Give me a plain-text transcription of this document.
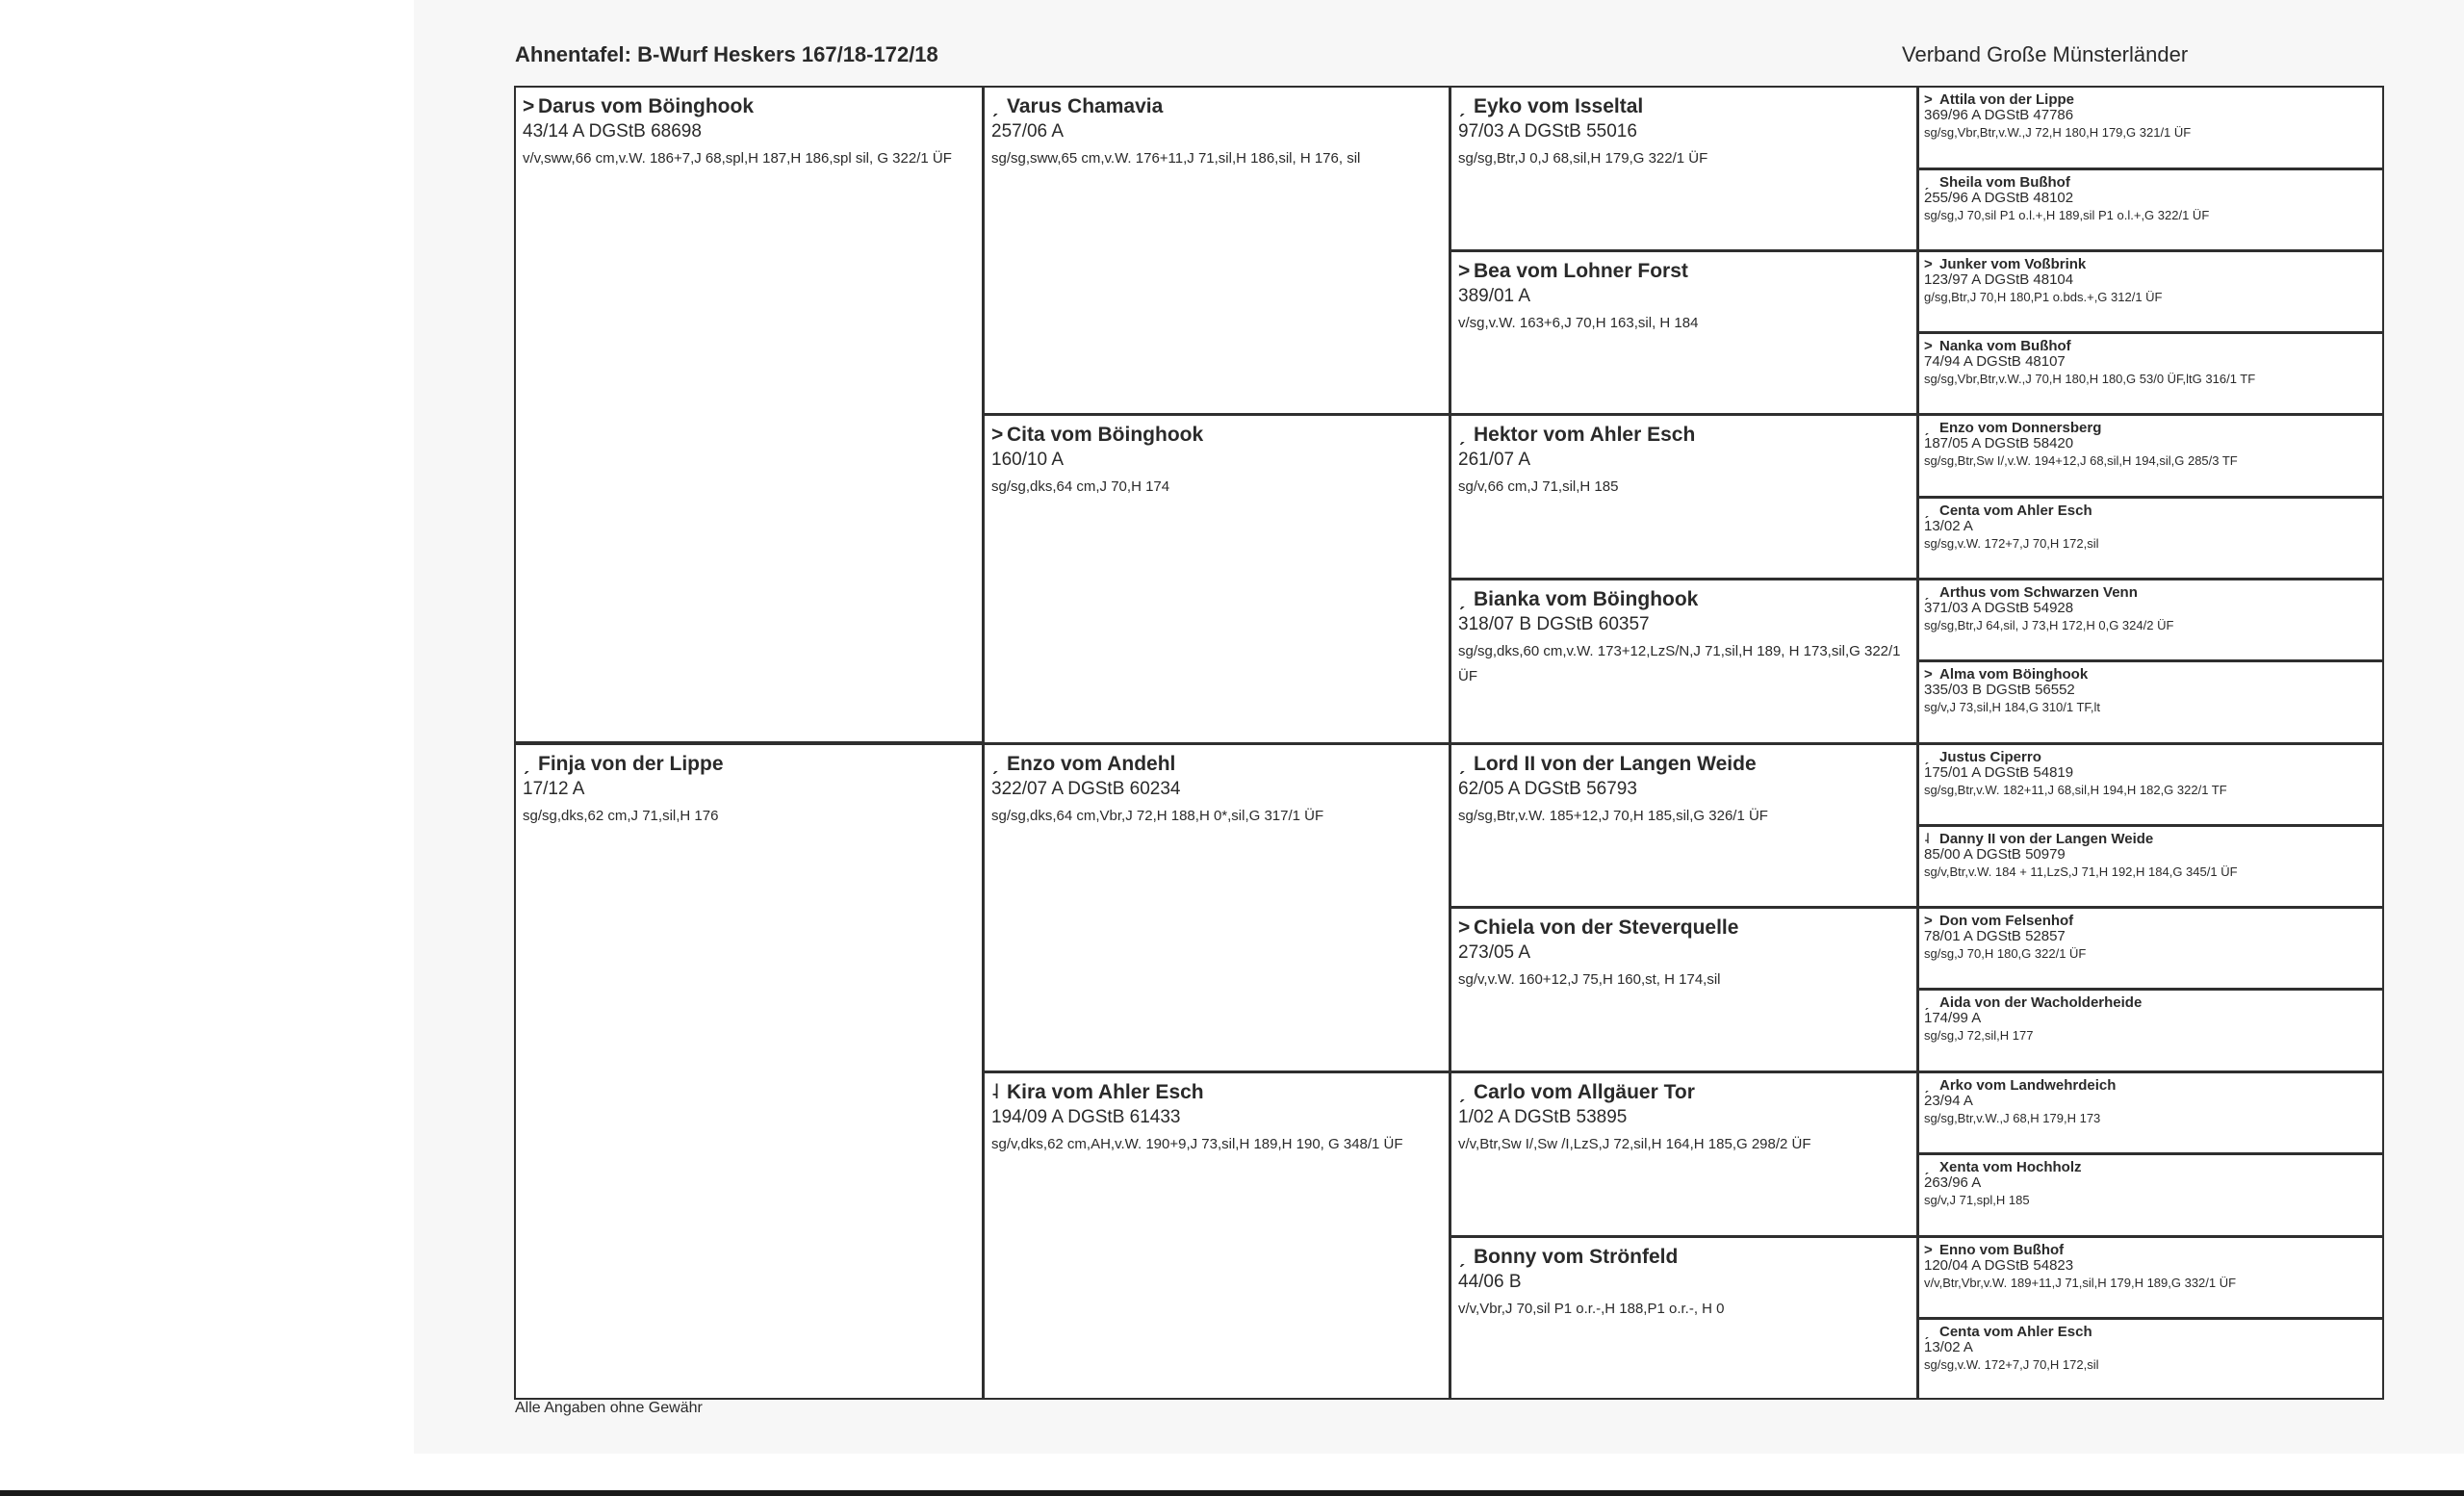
Ahnentafel: B-Wurf Heskers 167/18-172/18	Verband Große Münsterländer
˃ Darus vom Böinghook
43/14 A DGStB 68698
v/v,sww,66 cm,v.W. 186+7,J 68,spl,H 187,H 186,spl sil, G 322/1 ÜF
ˏ Finja von der Lippe
17/12 A
sg/sg,dks,62 cm,J 71,sil,H 176
ˏ Varus Chamavia
257/06 A
sg/sg,sww,65 cm,v.W. 176+11,J 71,sil,H 186,sil, H 176, sil
˃ Cita vom Böinghook
160/10 A
sg/sg,dks,64 cm,J 70,H 174
ˏ Enzo vom Andehl
322/07 A DGStB 60234
sg/sg,dks,64 cm,Vbr,J 72,H 188,H 0*,sil,G 317/1 ÜF
˨ Kira vom Ahler Esch
194/09 A DGStB 61433
sg/v,dks,62 cm,AH,v.W. 190+9,J 73,sil,H 189,H 190, G 348/1 ÜF
ˏ Eyko vom Isseltal
97/03 A DGStB 55016
sg/sg,Btr,J 0,J 68,sil,H 179,G 322/1 ÜF
˃ Bea vom Lohner Forst
389/01 A
v/sg,v.W. 163+6,J 70,H 163,sil, H 184
ˏ Hektor vom Ahler Esch
261/07 A
sg/v,66 cm,J 71,sil,H 185
ˏ Bianka vom Böinghook
318/07 B DGStB 60357
sg/sg,dks,60 cm,v.W. 173+12,LzS/N,J 71,sil,H 189, H 173,sil,G 322/1 ÜF
ˏ Lord II von der Langen Weide
62/05 A DGStB 56793
sg/sg,Btr,v.W. 185+12,J 70,H 185,sil,G 326/1 ÜF
˃ Chiela von der Steverquelle
273/05 A
sg/v,v.W. 160+12,J 75,H 160,st, H 174,sil
ˏ Carlo vom Allgäuer Tor
1/02 A DGStB 53895
v/v,Btr,Sw I/,Sw /I,LzS,J 72,sil,H 164,H 185,G 298/2 ÜF
ˏ Bonny vom Strönfeld
44/06 B
v/v,Vbr,J 70,sil P1 o.r.-,H 188,P1 o.r.-, H 0
˃ Attila von der Lippe
369/96 A DGStB 47786
sg/sg,Vbr,Btr,v.W.,J 72,H 180,H 179,G 321/1 ÜF
ˏ Sheila vom Bußhof
255/96 A DGStB 48102
sg/sg,J 70,sil P1 o.l.+,H 189,sil P1 o.l.+,G 322/1 ÜF
˃ Junker vom Voßbrink
123/97 A DGStB 48104
g/sg,Btr,J 70,H 180,P1 o.bds.+,G 312/1 ÜF
˃ Nanka vom Bußhof
74/94 A DGStB 48107
sg/sg,Vbr,Btr,v.W.,J 70,H 180,H 180,G 53/0 ÜF,ltG 316/1 TF
ˏ Enzo vom Donnersberg
187/05 A DGStB 58420
sg/sg,Btr,Sw I/,v.W. 194+12,J 68,sil,H 194,sil,G 285/3 TF
ˏ Centa vom Ahler Esch
13/02 A
sg/sg,v.W. 172+7,J 70,H 172,sil
ˏ Arthus vom Schwarzen Venn
371/03 A DGStB 54928
sg/sg,Btr,J 64,sil, J 73,H 172,H 0,G 324/2 ÜF
˃ Alma vom Böinghook
335/03 B DGStB 56552
sg/v,J 73,sil,H 184,G 310/1 TF,lt
ˏ Justus Ciperro
175/01 A DGStB 54819
sg/sg,Btr,v.W. 182+11,J 68,sil,H 194,H 182,G 322/1 TF
˨ Danny II von der Langen Weide
85/00 A DGStB 50979
sg/v,Btr,v.W. 184 + 11,LzS,J 71,H 192,H 184,G 345/1 ÜF
˃ Don vom Felsenhof
78/01 A DGStB 52857
sg/sg,J 70,H 180,G 322/1 ÜF
ˏ Aida von der Wacholderheide
174/99 A
sg/sg,J 72,sil,H 177
ˏ Arko vom Landwehrdeich
23/94 A
sg/sg,Btr,v.W.,J 68,H 179,H 173
ˏ Xenta vom Hochholz
263/96 A
sg/v,J 71,spl,H 185
˃ Enno vom Bußhof
120/04 A DGStB 54823
v/v,Btr,Vbr,v.W. 189+11,J 71,sil,H 179,H 189,G 332/1 ÜF
ˏ Centa vom Ahler Esch
13/02 A
sg/sg,v.W. 172+7,J 70,H 172,sil
Alle Angaben ohne Gewähr
